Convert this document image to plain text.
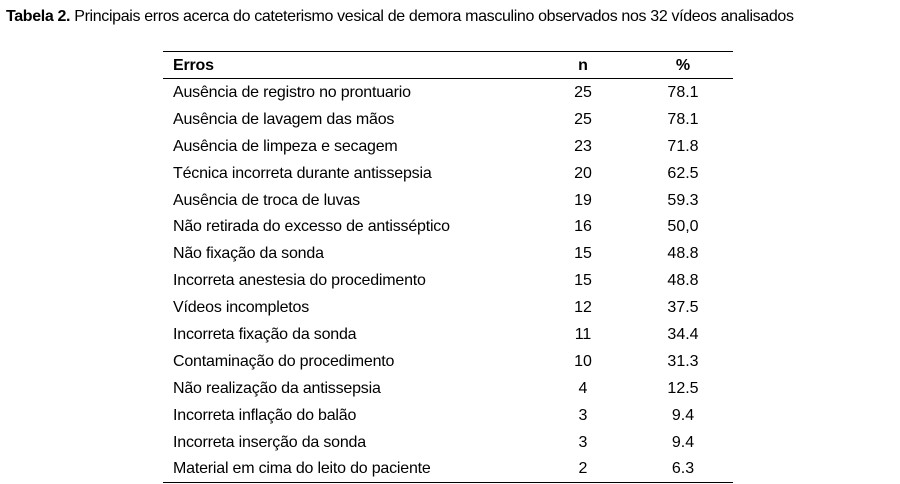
Tabela 2. Principais erros acerca do cateterismo vesical de demora masculino observados nos 32 vídeos analisados
Erros	n	%
Ausência de registro no prontuario	25	78.1
Ausência de lavagem das mãos	25	78.1
Ausência de limpeza e secagem	23	71.8
Técnica incorreta durante antissepsia	20	62.5
Ausência de troca de luvas	19	59.3
Não retirada do excesso de antisséptico	16	50,0
Não fixação da sonda	15	48.8
Incorreta anestesia do procedimento	15	48.8
Vídeos incompletos	12	37.5
Incorreta fixação da sonda	11	34.4
Contaminação do procedimento	10	31.3
Não realização da antissepsia	4	12.5
Incorreta inflação do balão	3	9.4
Incorreta inserção da sonda	3	9.4
Material em cima do leito do paciente	2	6.3
